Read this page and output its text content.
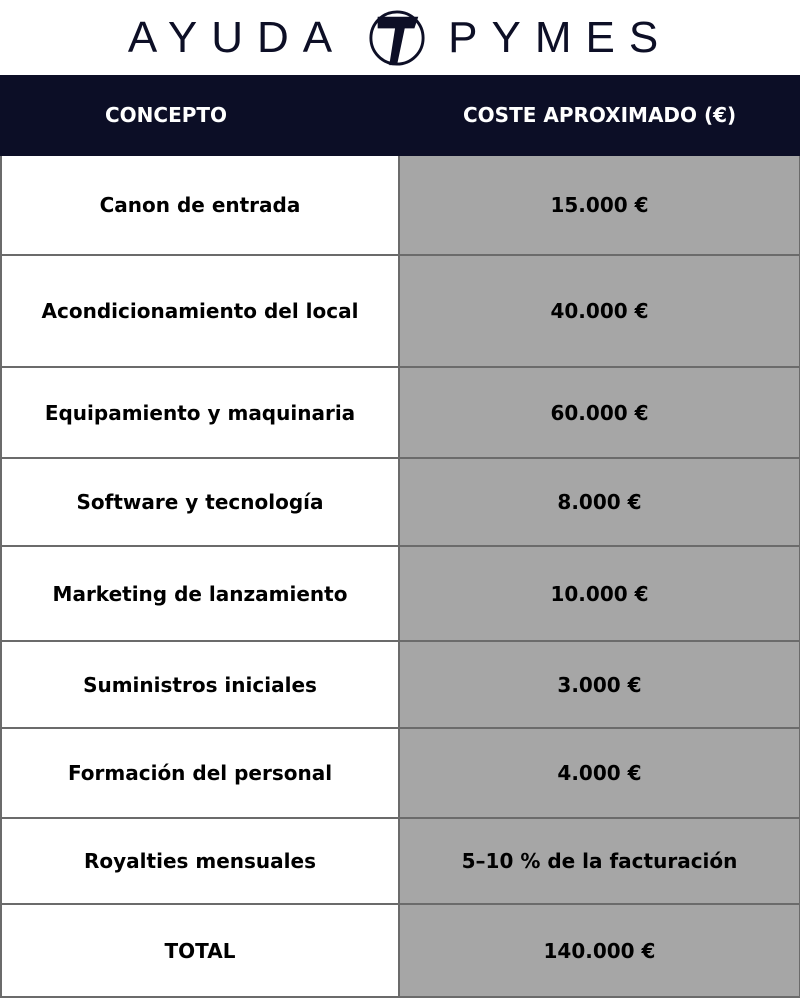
AYUDA PYMES
CONCEPTO	COSTE APROXIMADO (€)
Canon de entrada	15.000 €
Acondicionamiento del local	40.000 €
Equipamiento y maquinaria	60.000 €
Software y tecnología	8.000 €
Marketing de lanzamiento	10.000 €
Suministros iniciales	3.000 €
Formación del personal	4.000 €
Royalties mensuales	5–10 % de la facturación
TOTAL	140.000 €
